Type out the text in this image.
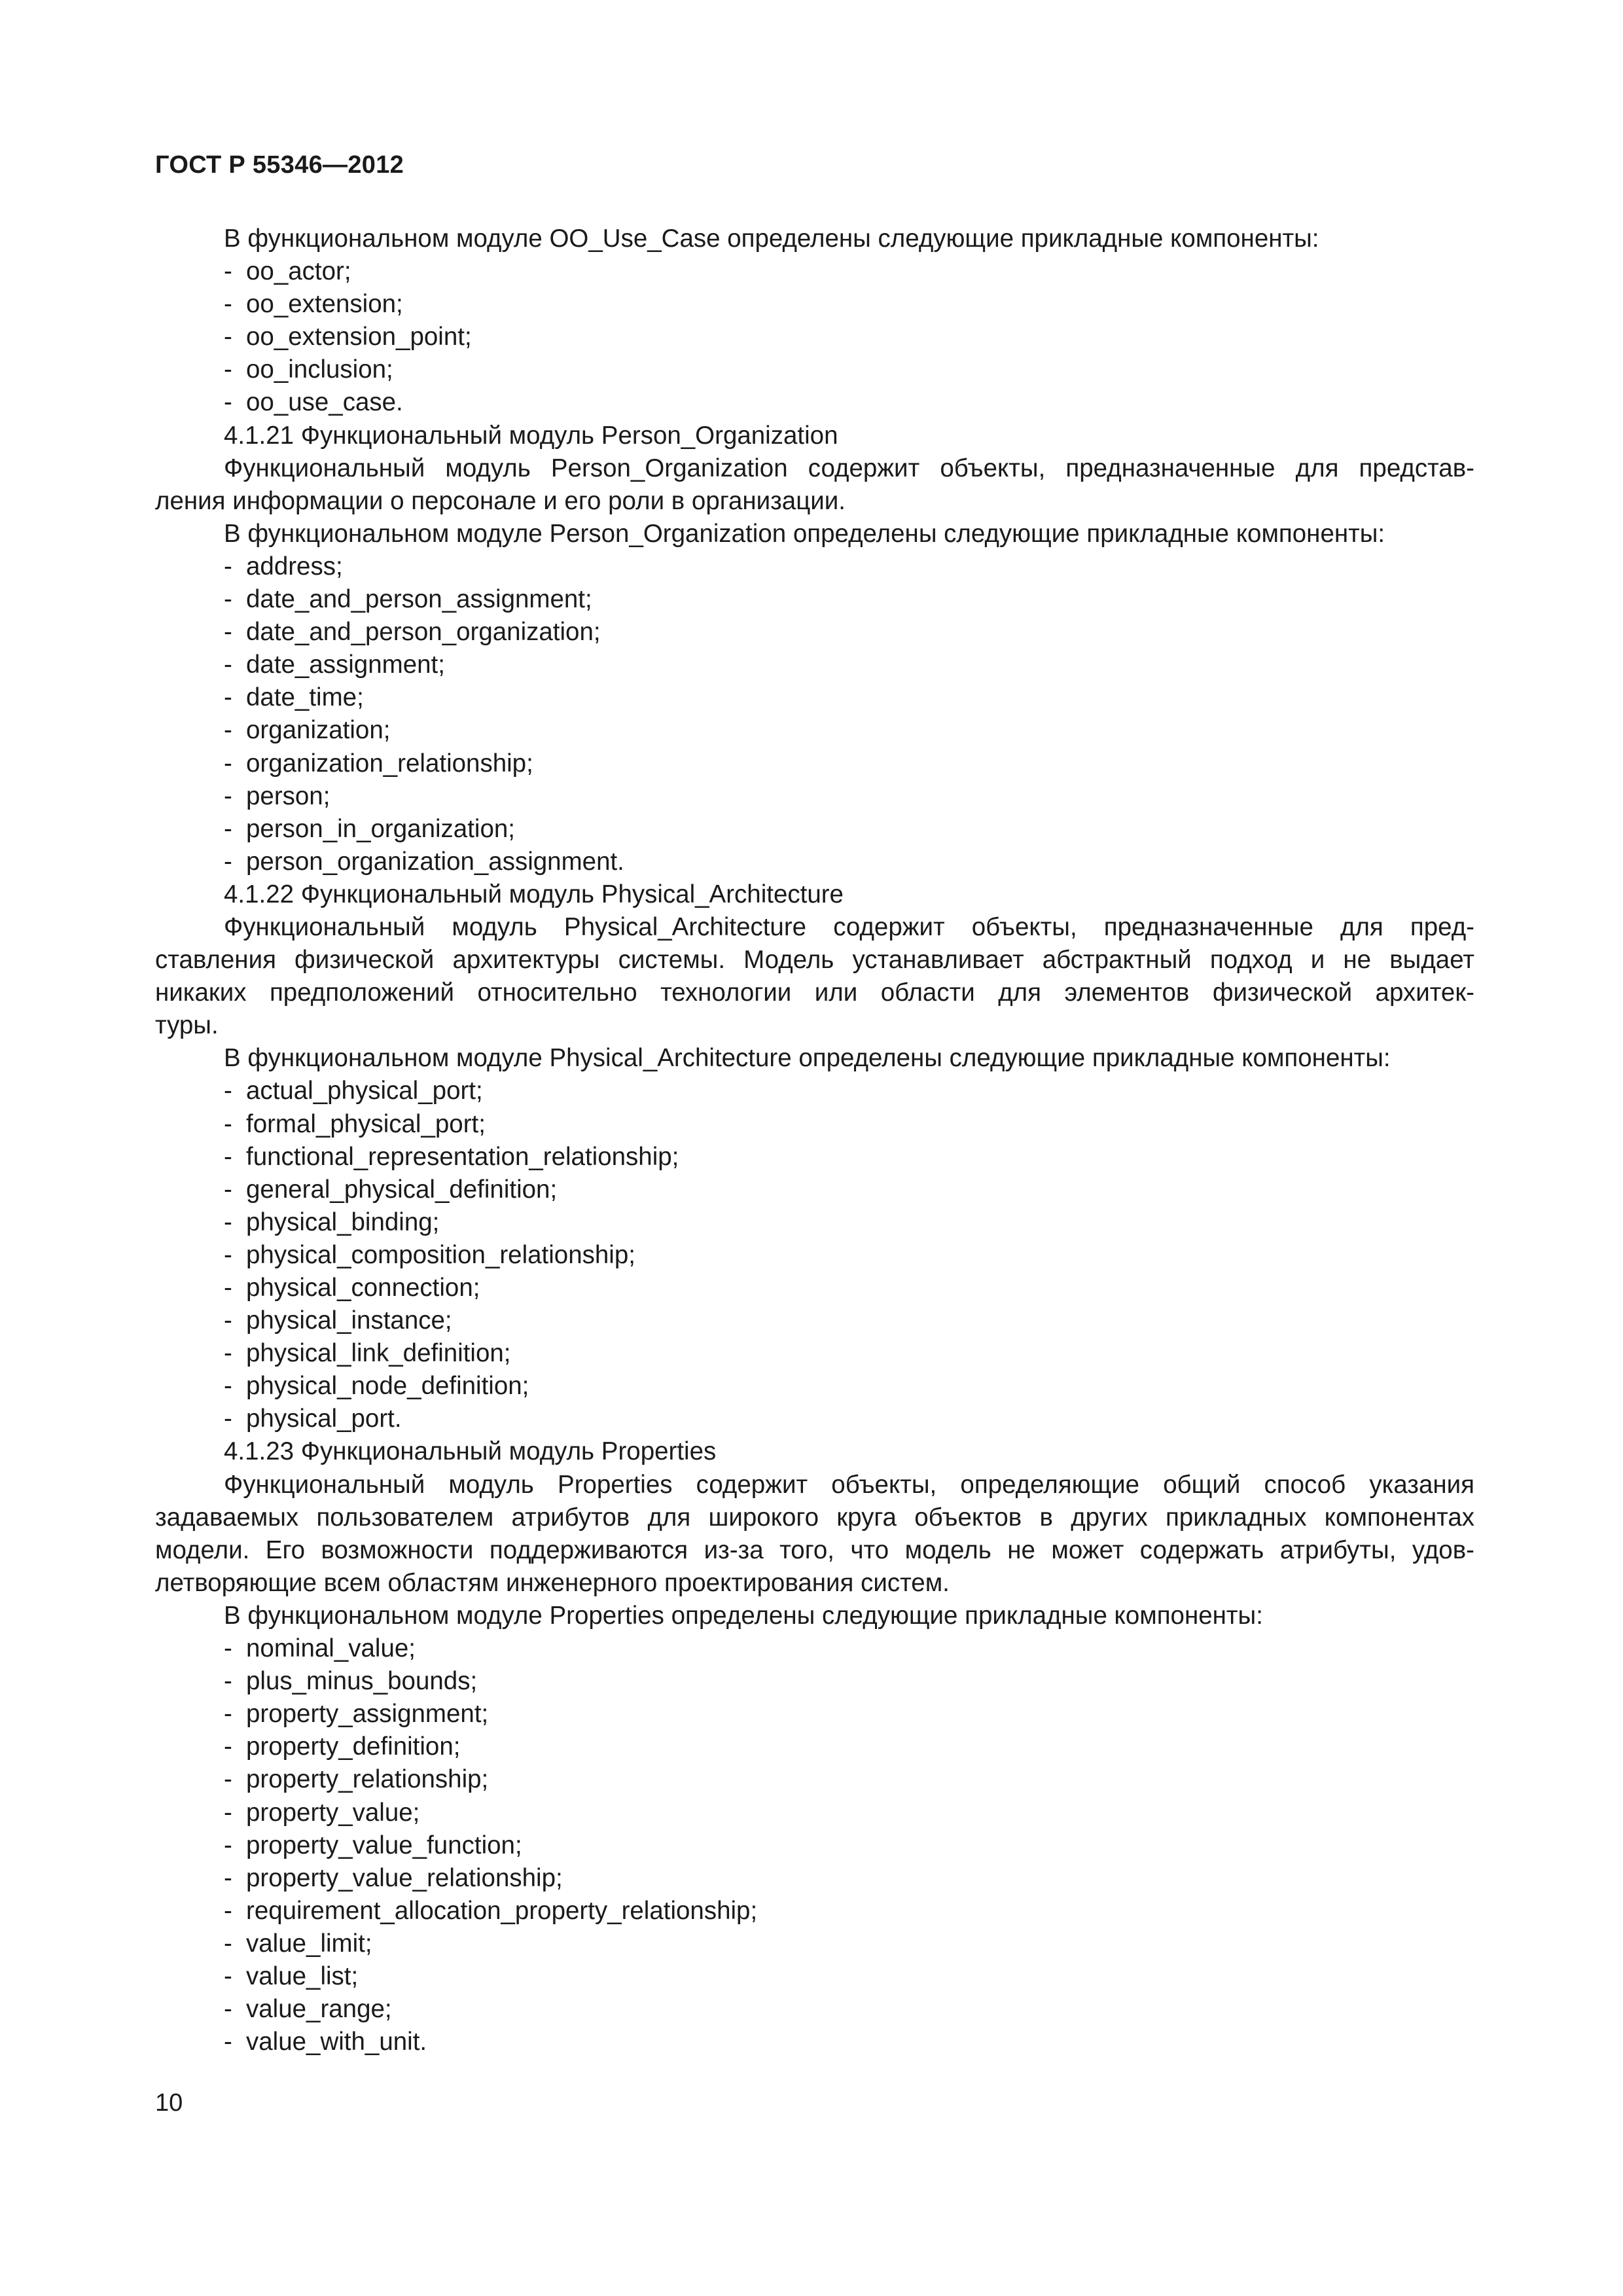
ГОСТ Р 55346—2012
В функциональном модуле OO_Use_Case определены следующие прикладные компоненты:
- oo_actor;
- oo_extension;
- oo_extension_point;
- oo_inclusion;
- oo_use_case.
4.1.21 Функциональный модуль Person_Organization
Функциональный модуль Person_Organization содержит объекты, предназначенные для представ-
ления информации о персонале и его роли в организации.
В функциональном модуле Person_Organization определены следующие прикладные компоненты:
- address;
- date_and_person_assignment;
- date_and_person_organization;
- date_assignment;
- date_time;
- organization;
- organization_relationship;
- person;
- person_in_organization;
- person_organization_assignment.
4.1.22 Функциональный модуль Physical_Architecture
Функциональный модуль Physical_Architecture содержит объекты, предназначенные для пред-
ставления физической архитектуры системы. Модель устанавливает абстрактный подход и не выдает
никаких предположений относительно технологии или области для элементов физической архитек-
туры.
В функциональном модуле Physical_Architecture определены следующие прикладные компоненты:
- actual_physical_port;
- formal_physical_port;
- functional_representation_relationship;
- general_physical_definition;
- physical_binding;
- physical_composition_relationship;
- physical_connection;
- physical_instance;
- physical_link_definition;
- physical_node_definition;
- physical_port.
4.1.23 Функциональный модуль Properties
Функциональный модуль Properties содержит объекты, определяющие общий способ указания
задаваемых пользователем атрибутов для широкого круга объектов в других прикладных компонентах
модели. Его возможности поддерживаются из-за того, что модель не может содержать атрибуты, удов-
летворяющие всем областям инженерного проектирования систем.
В функциональном модуле Properties определены следующие прикладные компоненты:
- nominal_value;
- plus_minus_bounds;
- property_assignment;
- property_definition;
- property_relationship;
- property_value;
- property_value_function;
- property_value_relationship;
- requirement_allocation_property_relationship;
- value_limit;
- value_list;
- value_range;
- value_with_unit.
10
